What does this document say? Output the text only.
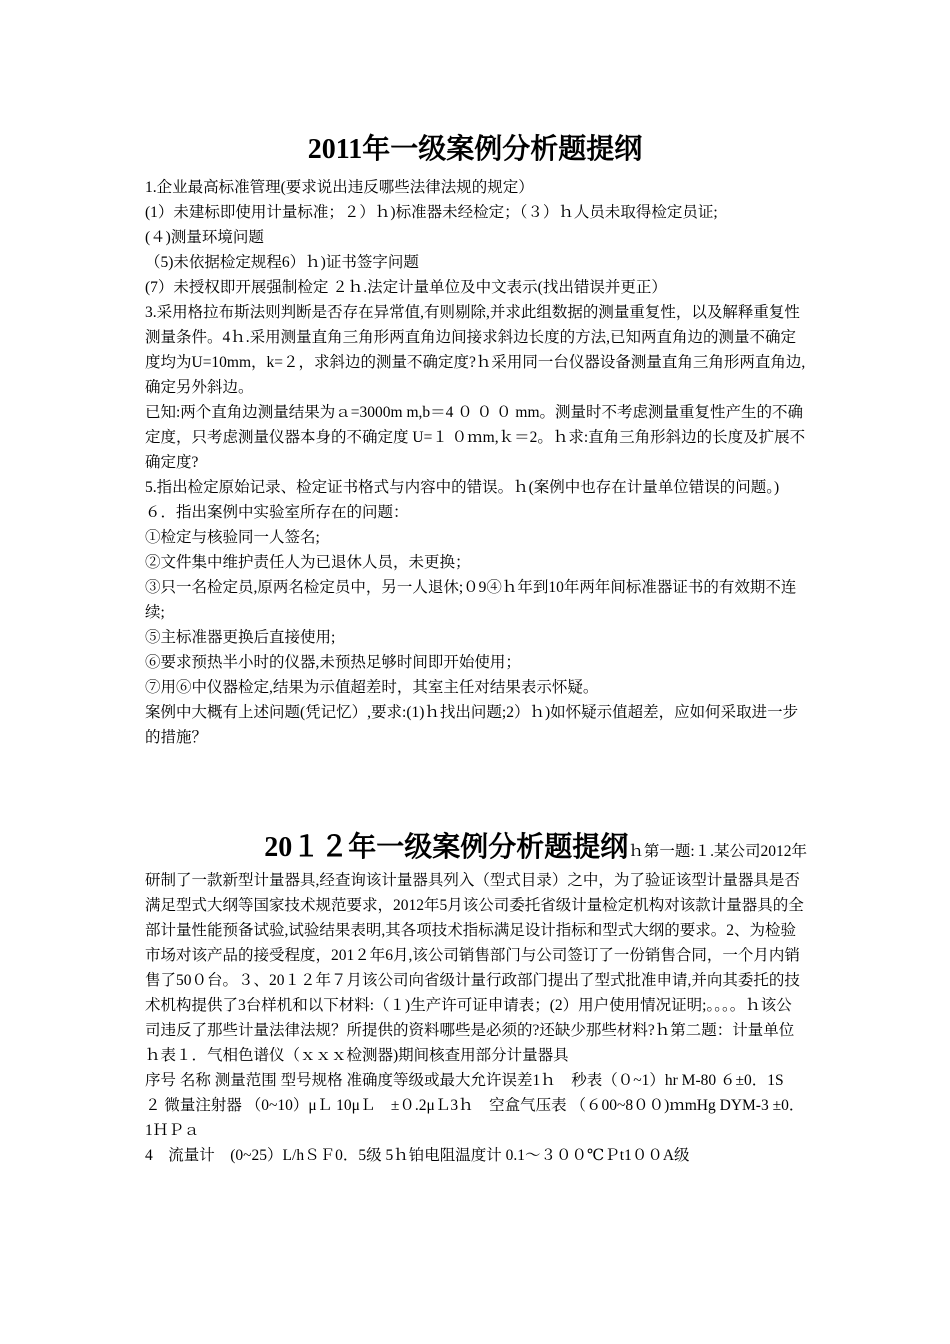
2011年一级案例分析题提纲

1.企业最高标准管理(要求说出违反哪些法律法规的规定）

(1）未建标即使用计量标准；２）ｈ)标准器未经检定；（３）ｈ人员未取得检定员证;

(４)测量环境问题

（5)未依据检定规程6）ｈ)证书签字问题

(7）未授权即开展强制检定 ２ｈ.法定计量单位及中文表示(找出错误并更正）

3.采用格拉布斯法则判断是否存在异常值,有则剔除,并求此组数据的测量重复性，以及解释重复性测量条件。4ｈ.采用测量直角三角形两直角边间接求斜边长度的方法,已知两直角边的测量不确定度均为U=10mm，k=２，求斜边的测量不确定度?ｈ采用同一台仪器设备测量直角三角形两直角边,确定另外斜边。

已知:两个直角边测量结果为ａ=3000m m,b＝4 ０ ０ ０ mm。测量时不考虑测量重复性产生的不确定度，只考虑测量仪器本身的不确定度 U=１ ０ｍm,ｋ＝2。ｈ求:直角三角形斜边的长度及扩展不确定度?

5.指出检定原始记录、检定证书格式与内容中的错误。ｈ(案例中也存在计量单位错误的问题。)

６．指出案例中实验室所存在的问题：

①检定与核验同一人签名;

②文件集中维护责任人为已退休人员，未更换；

③只一名检定员,原两名检定员中，另一人退休;０9④ｈ年到10年两年间标准器证书的有效期不连续;

⑤主标准器更换后直接使用;

⑥要求预热半小时的仪器,未预热足够时间即开始使用；

⑦用⑥中仪器检定,结果为示值超差时，其室主任对结果表示怀疑。

案例中大概有上述问题(凭记忆）,要求:(1)ｈ找出问题;2）ｈ)如怀疑示值超差，应如何采取进一步的措施？

20１２年一级案例分析题提纲ｈ第一题:１.某公司2012年

研制了一款新型计量器具,经查询该计量器具列入（型式目录）之中，为了验证该型计量器具是否满足型式大纲等国家技术规范要求，2012年5月该公司委托省级计量检定机构对该款计量器具的全部计量性能预备试验,试验结果表明,其各项技术指标满足设计指标和型式大纲的要求。2、为检验市场对该产品的接受程度，201２年6月,该公司销售部门与公司签订了一份销售合同，一个月内销售了50０台。３、20１２年７月该公司向省级计量行政部门提出了型式批准申请,并向其委托的技术机构提供了3台样机和以下材料:（１)生产许可证申请表；(2）用户使用情况证明;。。。。ｈ该公司违反了那些计量法律法规？所提供的资料哪些是必须的?还缺少那些材料?ｈ第二题：计量单位ｈ表１．气相色谱仪（ｘｘｘ检测器)期间核查用部分计量器具

序号 名称 测量范围 型号规格 准确度等级或最大允许误差1ｈ　秒表（０~1）hr M-80 ６±0．1S

２ 微量注射器 （0~10）μＬ 10μＬ　±０.2μＬ3ｈ　空盒气压表 （６00~8００)ｍmHg DYM-3 ±0．1ＨＰａ

4　流量计　(0~25）L/hＳＦ0．5级 5ｈ铂电阻温度计 0.1～３００℃Ｐt1００A级
